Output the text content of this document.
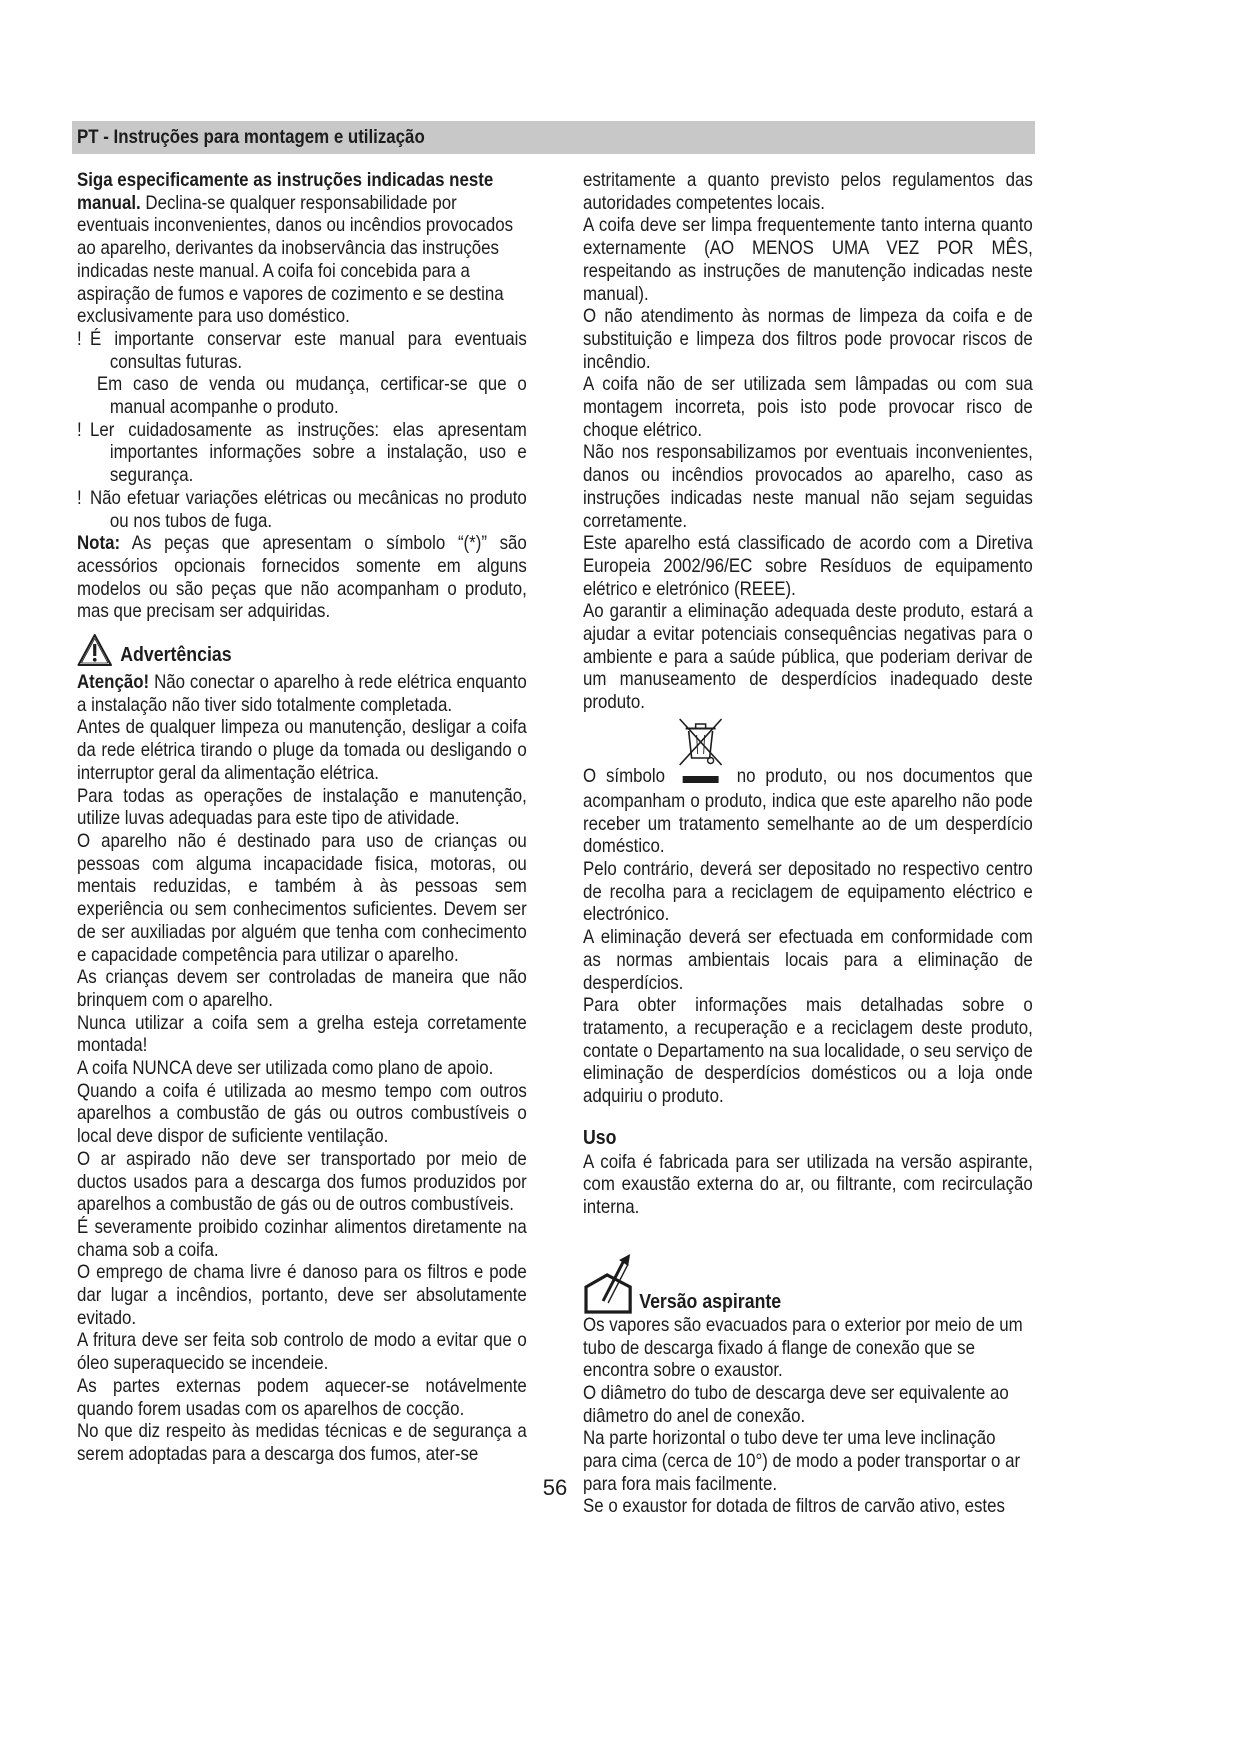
PT - Instruções para montagem e utilização

Siga especificamente as instruções indicadas neste manual. Declina-se qualquer responsabilidade por eventuais inconvenientes, danos ou incêndios provocados ao aparelho, derivantes da inobservância das instruções indicadas neste manual. A coifa foi concebida para a aspiração de fumos e vapores de cozimento e se destina exclusivamente para uso doméstico.

! É importante conservar este manual para eventuais consultas futuras.

Em caso de venda ou mudança, certificar-se que o manual acompanhe o produto.

! Ler cuidadosamente as instruções: elas apresentam importantes informações sobre a instalação, uso e segurança.

! Não efetuar variações elétricas ou mecânicas no produto ou nos tubos de fuga.

Nota: As peças que apresentam o símbolo “(*)” são acessórios opcionais fornecidos somente em alguns modelos ou são peças que não acompanham o produto, mas que precisam ser adquiridas.

Advertências

Atenção! Não conectar o aparelho à rede elétrica enquanto a instalação não tiver sido totalmente completada.

Antes de qualquer limpeza ou manutenção, desligar a coifa da rede elétrica tirando o pluge da tomada ou desligando o interruptor geral da alimentação elétrica.

Para todas as operações de instalação e manutenção, utilize luvas adequadas para este tipo de atividade.

O aparelho não é destinado para uso de crianças ou pessoas com alguma incapacidade fisica, motoras, ou mentais reduzidas, e também à às pessoas sem experiência ou sem conhecimentos suficientes. Devem ser de ser auxiliadas por alguém que tenha com conhecimento e capacidade competência para utilizar o aparelho.

As crianças devem ser controladas de maneira que não brinquem com o aparelho.

Nunca utilizar a coifa sem a grelha esteja corretamente montada!

A coifa NUNCA deve ser utilizada como plano de apoio.

Quando a coifa é utilizada ao mesmo tempo com outros aparelhos a combustão de gás ou outros combustíveis o local deve dispor de suficiente ventilação.

O ar aspirado não deve ser transportado por meio de ductos usados para a descarga dos fumos produzidos por aparelhos a combustão de gás ou de outros combustíveis.

É severamente proibido cozinhar alimentos diretamente na chama sob a coifa.

O emprego de chama livre é danoso para os filtros e pode dar lugar a incêndios, portanto, deve ser absolutamente evitado.

A fritura deve ser feita sob controlo de modo a evitar que o óleo superaquecido se incendeie.

As partes externas podem aquecer-se notávelmente quando forem usadas com os aparelhos de cocção.

No que diz respeito às medidas técnicas e de segurança a serem adoptadas para a descarga dos fumos, ater-se

estritamente a quanto previsto pelos regulamentos das autoridades competentes locais.

A coifa deve ser limpa frequentemente tanto interna quanto externamente (AO MENOS UMA VEZ POR MÊS, respeitando as instruções de manutenção indicadas neste manual).

O não atendimento às normas de limpeza da coifa e de substituição e limpeza dos filtros pode provocar riscos de incêndio.

A coifa não de ser utilizada sem lâmpadas ou com sua montagem incorreta, pois isto pode provocar risco de choque elétrico.

Não nos responsabilizamos por eventuais inconvenientes, danos ou incêndios provocados ao aparelho, caso as instruções indicadas neste manual não sejam seguidas corretamente.

Este aparelho está classificado de acordo com a Diretiva Europeia 2002/96/EC sobre Resíduos de equipamento elétrico e eletrónico (REEE).

Ao garantir a eliminação adequada deste produto, estará a ajudar a evitar potenciais consequências negativas para o ambiente e para a saúde pública, que poderiam derivar de um manuseamento de desperdícios inadequado deste produto.

O símbolo	no produto, ou nos documentos que acompanham o produto, indica que este aparelho não pode receber um tratamento semelhante ao de um desperdício doméstico.

Pelo contrário, deverá ser depositado no respectivo centro de recolha para a reciclagem de equipamento eléctrico e electrónico.

A eliminação deverá ser efectuada em conformidade com as normas ambientais locais para a eliminação de desperdícios.

Para obter informações mais detalhadas sobre o tratamento, a recuperação e a reciclagem deste produto, contate o Departamento na sua localidade, o seu serviço de eliminação de desperdícios domésticos ou a loja onde adquiriu o produto.

Uso

A coifa é fabricada para ser utilizada na versão aspirante, com exaustão externa do ar, ou filtrante, com recirculação interna.

Versão aspirante

Os vapores são evacuados para o exterior por meio de um tubo de descarga fixado á flange de conexão que se encontra sobre o exaustor.

O diâmetro do tubo de descarga deve ser equivalente ao diâmetro do anel de conexão.

Na parte horizontal o tubo deve ter uma leve inclinação para cima (cerca de 10°) de modo a poder transportar o ar para fora mais facilmente.

Se o exaustor for dotada de filtros de carvão ativo, estes

56
